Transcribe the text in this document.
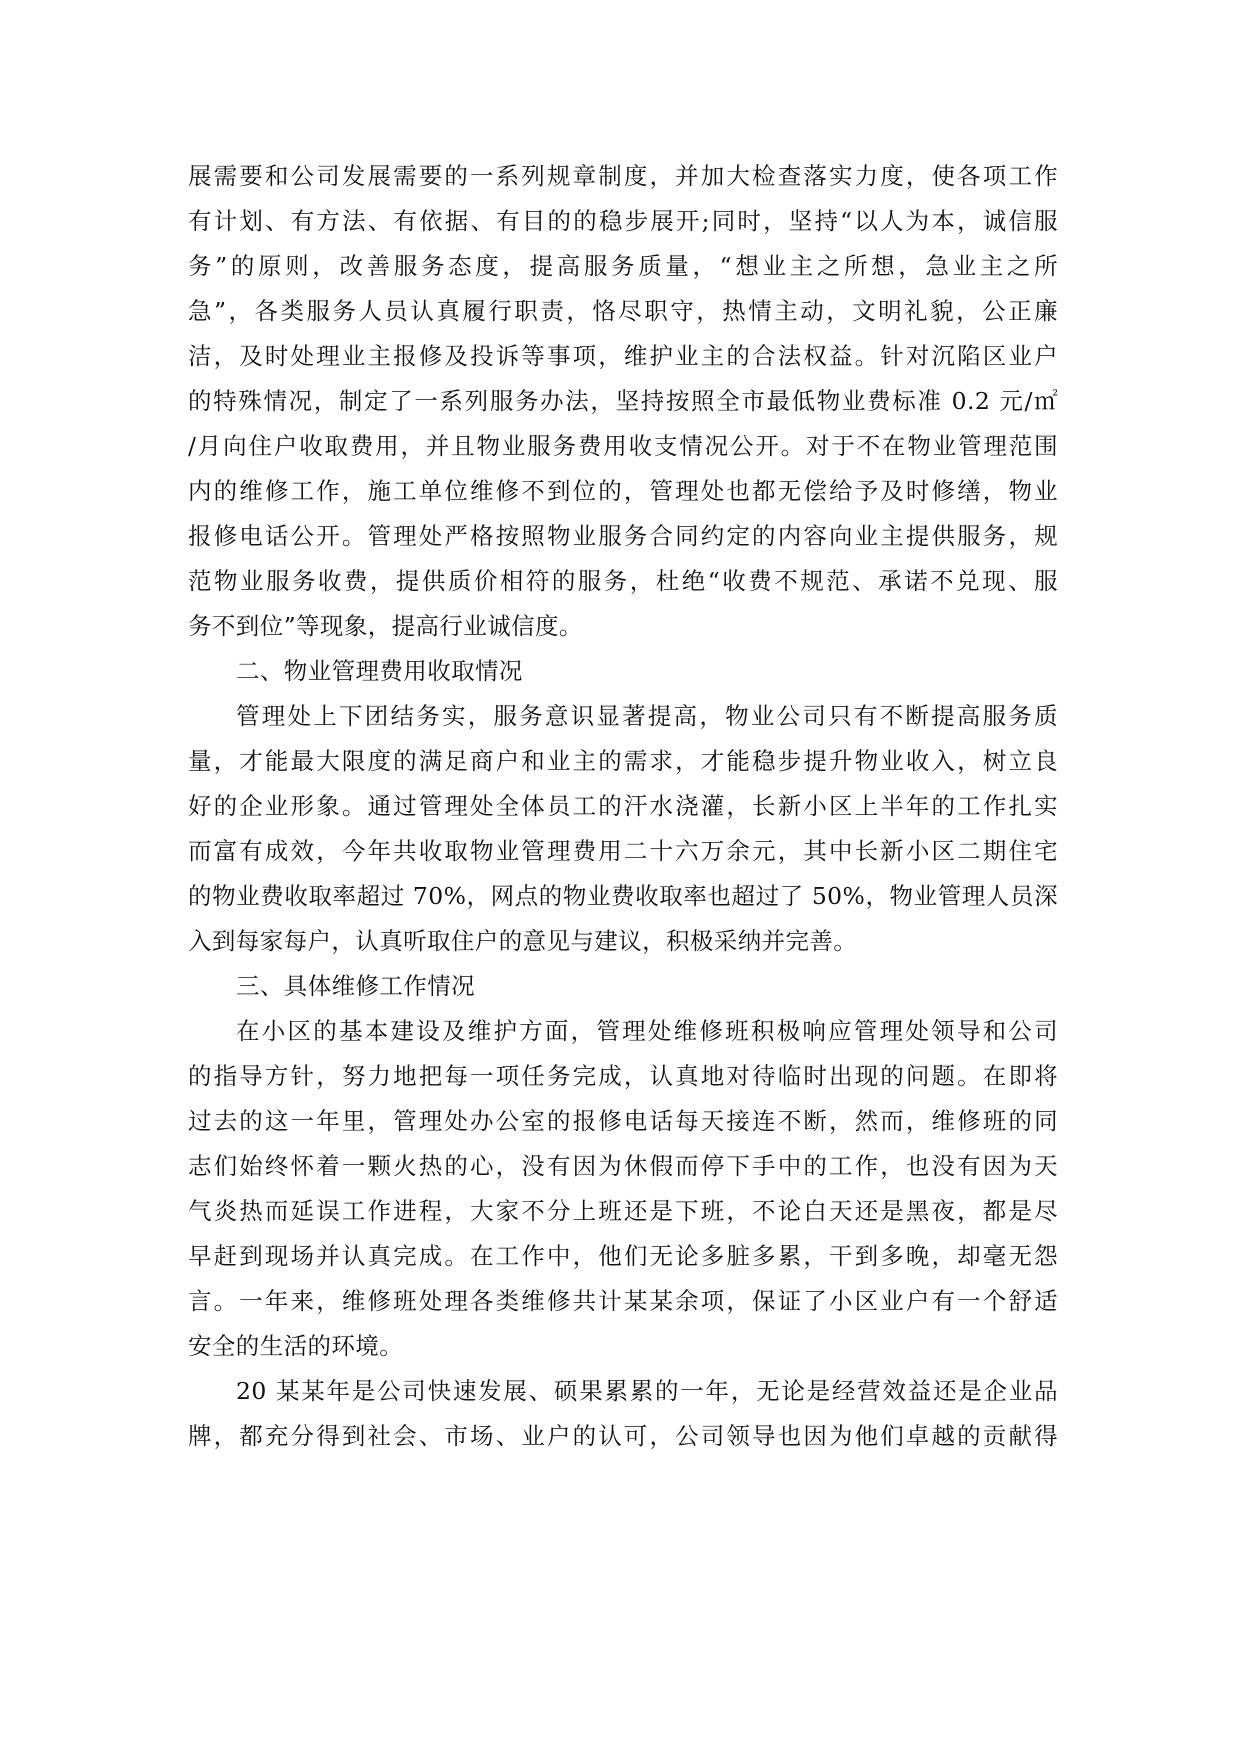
展需要和公司发展需要的一系列规章制度，并加大检查落实力度，使各项工作
有计划、有方法、有依据、有目的的稳步展开;同时，坚持“以人为本，诚信服
务”的原则，改善服务态度，提高服务质量，“想业主之所想，急业主之所
急”，各类服务人员认真履行职责，恪尽职守，热情主动，文明礼貌，公正廉
洁，及时处理业主报修及投诉等事项，维护业主的合法权益。针对沉陷区业户
的特殊情况，制定了一系列服务办法，坚持按照全市最低物业费标准 0.2 元/㎡
/月向住户收取费用，并且物业服务费用收支情况公开。对于不在物业管理范围
内的维修工作，施工单位维修不到位的，管理处也都无偿给予及时修缮，物业
报修电话公开。管理处严格按照物业服务合同约定的内容向业主提供服务，规
范物业服务收费，提供质价相符的服务，杜绝“收费不规范、承诺不兑现、服
务不到位”等现象，提高行业诚信度。
二、物业管理费用收取情况
管理处上下团结务实，服务意识显著提高，物业公司只有不断提高服务质
量，才能最大限度的满足商户和业主的需求，才能稳步提升物业收入，树立良
好的企业形象。通过管理处全体员工的汗水浇灌，长新小区上半年的工作扎实
而富有成效，今年共收取物业管理费用二十六万余元，其中长新小区二期住宅
的物业费收取率超过 70%，网点的物业费收取率也超过了 50%，物业管理人员深
入到每家每户，认真听取住户的意见与建议，积极采纳并完善。
三、具体维修工作情况
在小区的基本建设及维护方面，管理处维修班积极响应管理处领导和公司
的指导方针，努力地把每一项任务完成，认真地对待临时出现的问题。在即将
过去的这一年里，管理处办公室的报修电话每天接连不断，然而，维修班的同
志们始终怀着一颗火热的心，没有因为休假而停下手中的工作，也没有因为天
气炎热而延误工作进程，大家不分上班还是下班，不论白天还是黑夜，都是尽
早赶到现场并认真完成。在工作中，他们无论多脏多累，干到多晚，却毫无怨
言。一年来，维修班处理各类维修共计某某余项，保证了小区业户有一个舒适
安全的生活的环境。
20 某某年是公司快速发展、硕果累累的一年，无论是经营效益还是企业品
牌，都充分得到社会、市场、业户的认可，公司领导也因为他们卓越的贡献得
